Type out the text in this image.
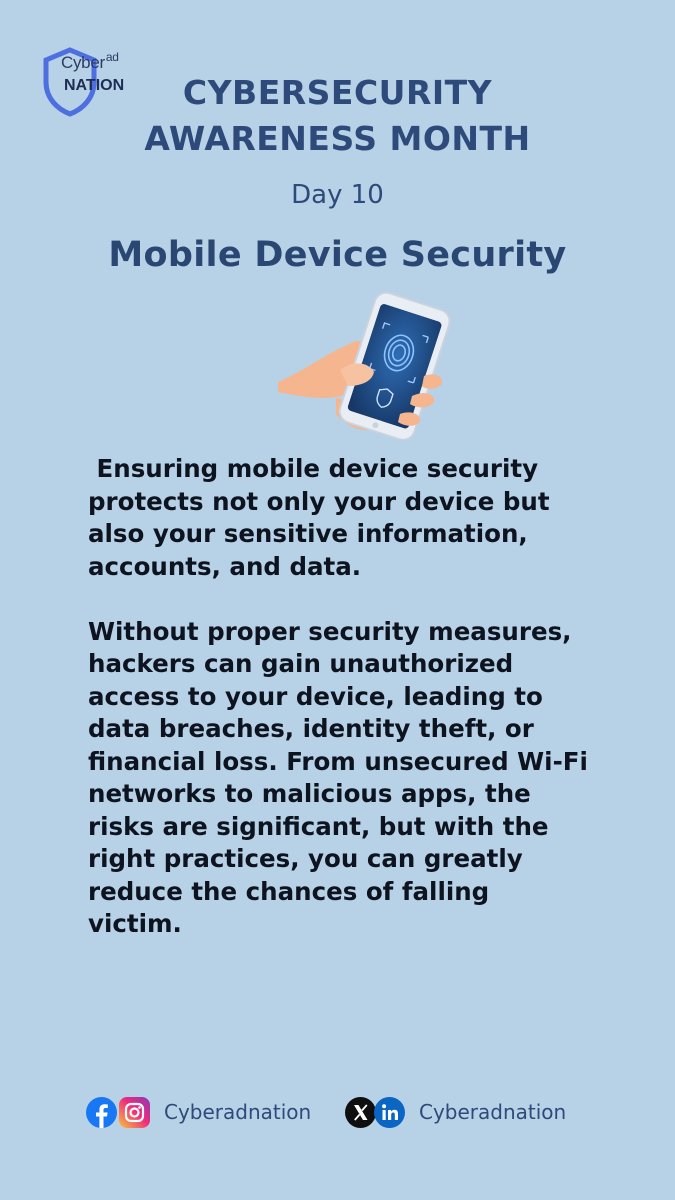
Cyber$^{ad}$
NATION	CYBERSECURITY
AWARENESS MONTH
Day 10
Mobile Device Security
Ensuring mobile device security
protects not only your device but
also your sensitive information,
accounts, and data.
Without proper security measures,
hackers can gain unauthorized
access to your device, leading to
data breaches, identity theft, or
financial loss. From unsecured Wi-Fi
networks to malicious apps, the
risks are significant, but with the
right practices, you can greatly
reduce the chances of falling
victim.
Cyberadnation	Cyberadnation
